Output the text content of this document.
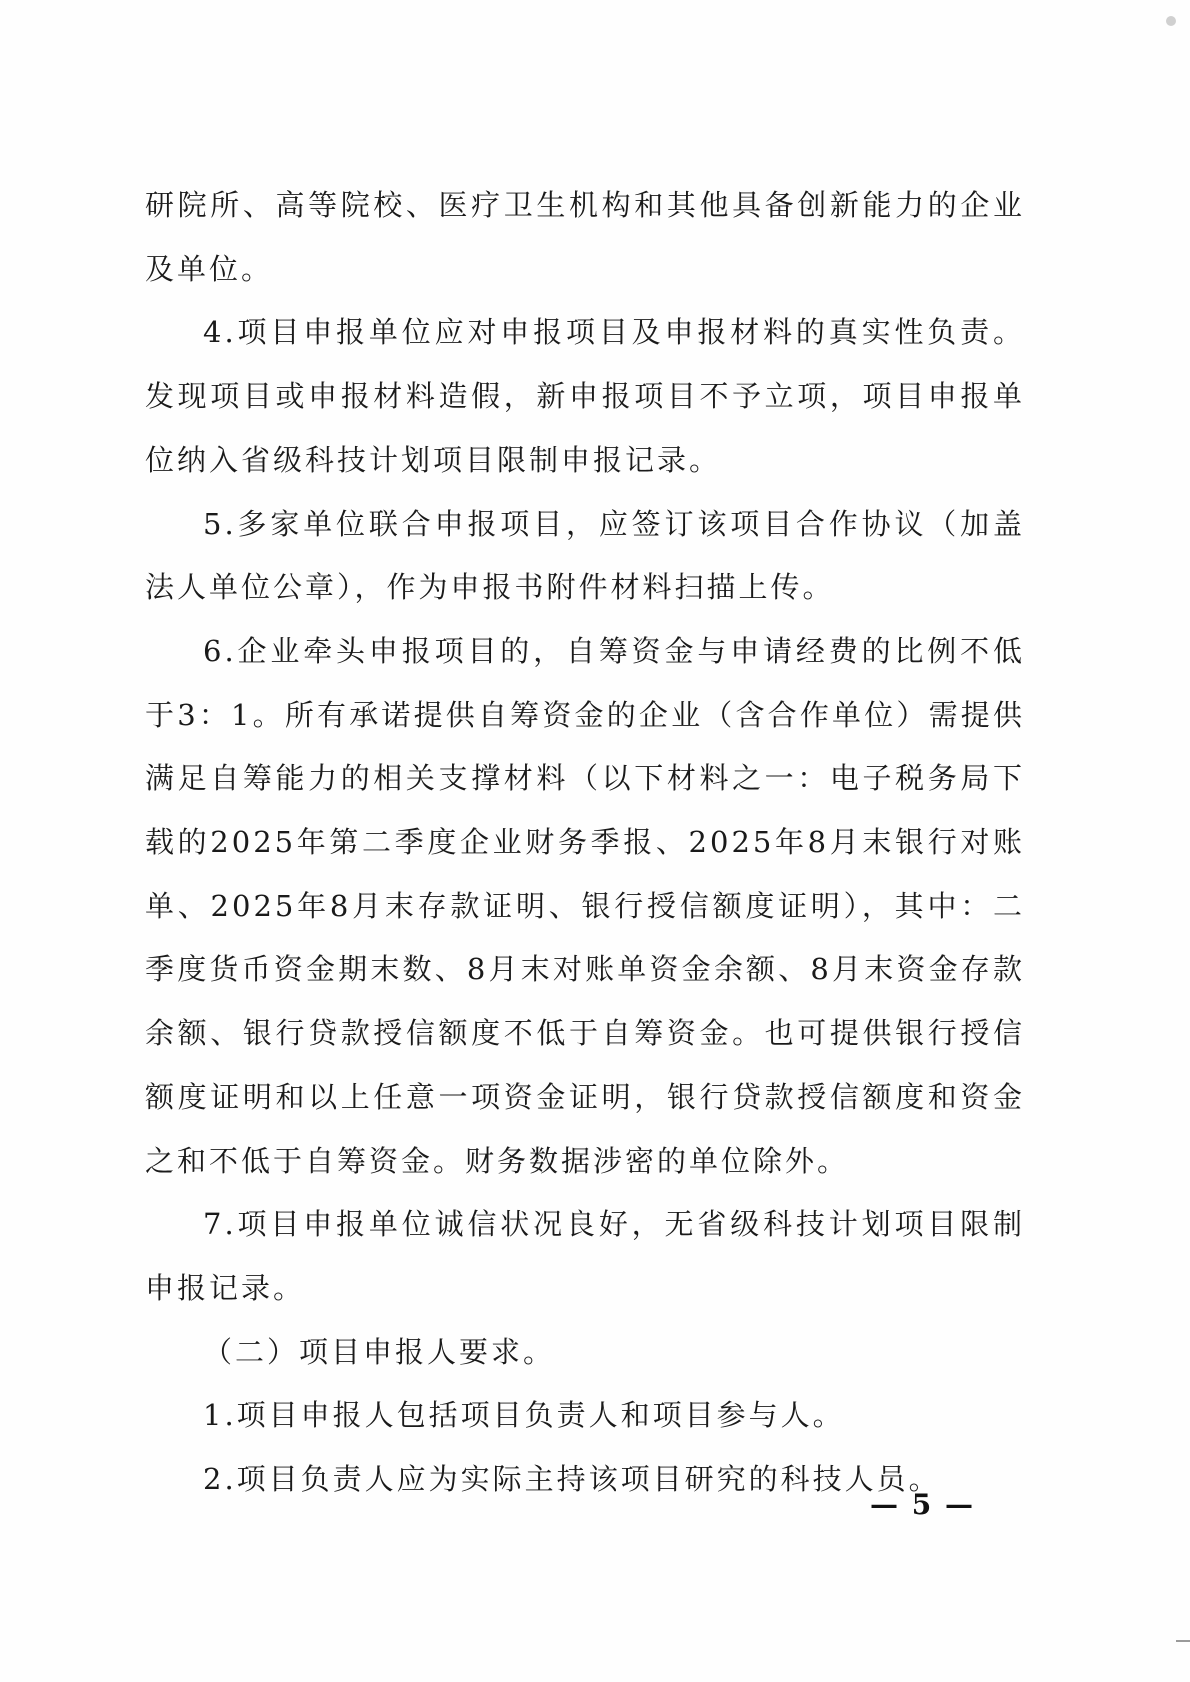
研院所、高等院校、医疗卫生机构和其他具备创新能力的企业及单位。

4.项目申报单位应对申报项目及申报材料的真实性负责。发现项目或申报材料造假，新申报项目不予立项，项目申报单位纳入省级科技计划项目限制申报记录。

5.多家单位联合申报项目，应签订该项目合作协议（加盖法人单位公章），作为申报书附件材料扫描上传。

6.企业牵头申报项目的，自筹资金与申请经费的比例不低于3：1。所有承诺提供自筹资金的企业（含合作单位）需提供满足自筹能力的相关支撑材料（以下材料之一：电子税务局下载的2025年第二季度企业财务季报、2025年8月末银行对账单、2025年8月末存款证明、银行授信额度证明），其中：二季度货币资金期末数、8月末对账单资金余额、8月末资金存款余额、银行贷款授信额度不低于自筹资金。也可提供银行授信额度证明和以上任意一项资金证明，银行贷款授信额度和资金之和不低于自筹资金。财务数据涉密的单位除外。

7.项目申报单位诚信状况良好，无省级科技计划项目限制申报记录。

（二）项目申报人要求。

1.项目申报人包括项目负责人和项目参与人。

2.项目负责人应为实际主持该项目研究的科技人员。

— 5 —
